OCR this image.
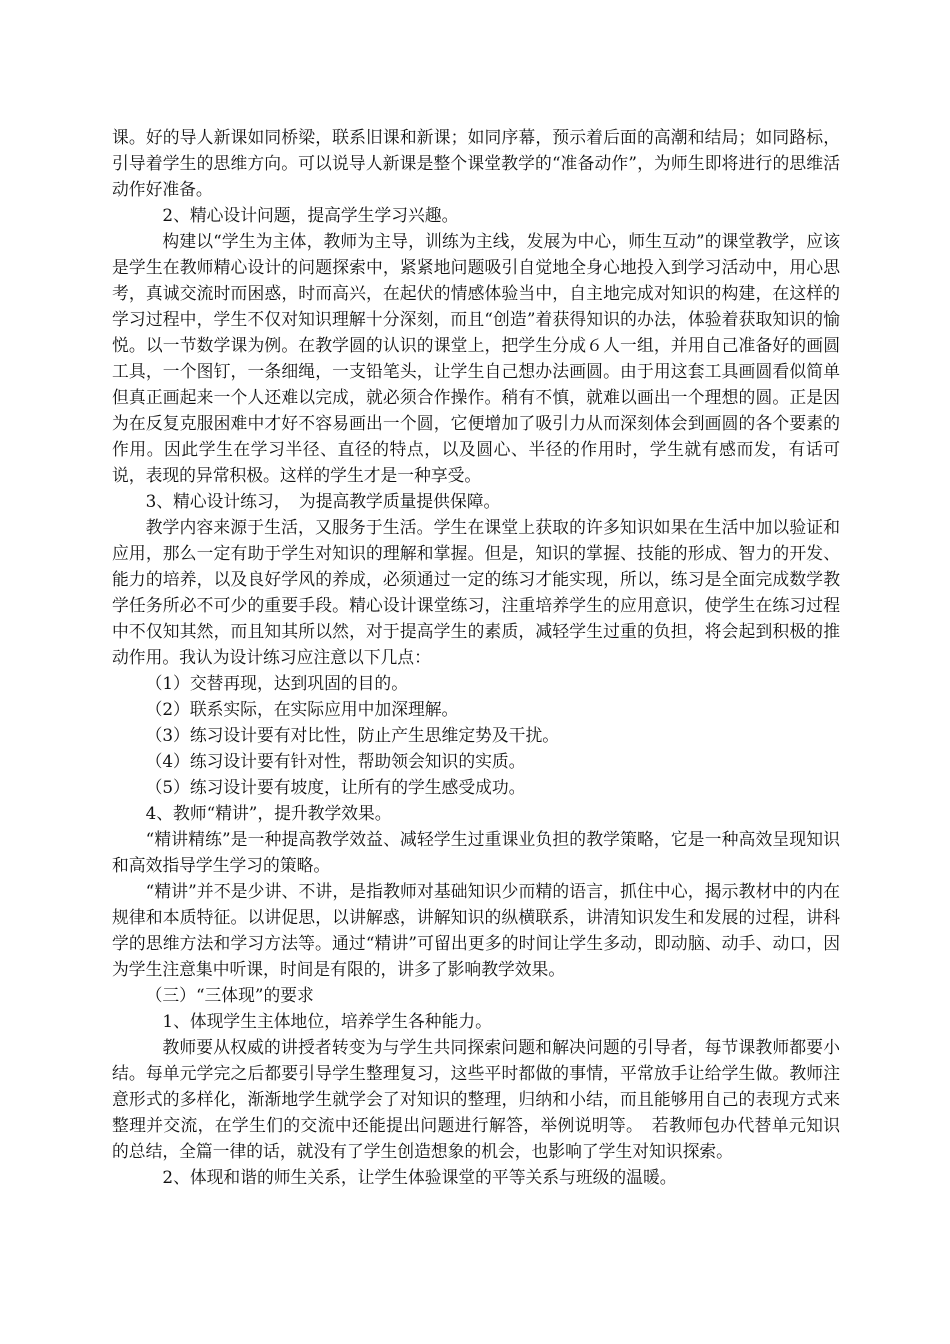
课。好的导人新课如同桥梁，联系旧课和新课；如同序幕，预示着后面的高潮和结局；如同路标，引导着学生的思维方向。可以说导人新课是整个课堂教学的“准备动作”，为师生即将进行的思维活动作好准备。

2、精心设计问题，提高学生学习兴趣。

构建以“学生为主体，教师为主导，训练为主线，发展为中心，师生互动”的课堂教学，应该是学生在教师精心设计的问题探索中，紧紧地问题吸引自觉地全身心地投入到学习活动中，用心思考，真诚交流时而困惑，时而高兴，在起伏的情感体验当中，自主地完成对知识的构建，在这样的学习过程中，学生不仅对知识理解十分深刻，而且“创造”着获得知识的办法，体验着获取知识的愉悦。以一节数学课为例。在教学圆的认识的课堂上，把学生分成６人一组，并用自己准备好的画圆工具，一个图钉，一条细绳，一支铅笔头，让学生自己想办法画圆。由于用这套工具画圆看似简单但真正画起来一个人还难以完成，就必须合作操作。稍有不慎，就难以画出一个理想的圆。正是因为在反复克服困难中才好不容易画出一个圆，它便增加了吸引力从而深刻体会到画圆的各个要素的作用。因此学生在学习半径、直径的特点，以及圆心、半径的作用时，学生就有感而发，有话可说，表现的异常积极。这样的学生才是一种享受。

3、精心设计练习，　为提高教学质量提供保障。

教学内容来源于生活，又服务于生活。学生在课堂上获取的许多知识如果在生活中加以验证和应用，那么一定有助于学生对知识的理解和掌握。但是，知识的掌握、技能的形成、智力的开发、能力的培养，以及良好学风的养成，必须通过一定的练习才能实现，所以，练习是全面完成数学教学任务所必不可少的重要手段。精心设计课堂练习，注重培养学生的应用意识，使学生在练习过程中不仅知其然，而且知其所以然，对于提高学生的素质，减轻学生过重的负担，将会起到积极的推动作用。我认为设计练习应注意以下几点：

（1）交替再现，达到巩固的目的。

（2）联系实际，在实际应用中加深理解。

（3）练习设计要有对比性，防止产生思维定势及干扰。

（4）练习设计要有针对性，帮助领会知识的实质。

（5）练习设计要有坡度，让所有的学生感受成功。

4、教师“精讲”，提升教学效果。

“精讲精练”是一种提高教学效益、减轻学生过重课业负担的教学策略，它是一种高效呈现知识和高效指导学生学习的策略。

“精讲”并不是少讲、不讲，是指教师对基础知识少而精的语言，抓住中心，揭示教材中的内在规律和本质特征。以讲促思，以讲解惑，讲解知识的纵横联系，讲清知识发生和发展的过程，讲科学的思维方法和学习方法等。通过“精讲”可留出更多的时间让学生多动，即动脑、动手、动口，因为学生注意集中听课，时间是有限的，讲多了影响教学效果。

（三）“三体现”的要求

1、体现学生主体地位，培养学生各种能力。

教师要从权威的讲授者转变为与学生共同探索问题和解决问题的引导者，每节课教师都要小结。每单元学完之后都要引导学生整理复习，这些平时都做的事情，平常放手让给学生做。教师注意形式的多样化，渐渐地学生就学会了对知识的整理，归纳和小结，而且能够用自己的表现方式来整理并交流，在学生们的交流中还能提出问题进行解答，举例说明等。　若教师包办代替单元知识的总结，全篇一律的话，就没有了学生创造想象的机会，也影响了学生对知识探索。

2、体现和谐的师生关系，让学生体验课堂的平等关系与班级的温暖。
